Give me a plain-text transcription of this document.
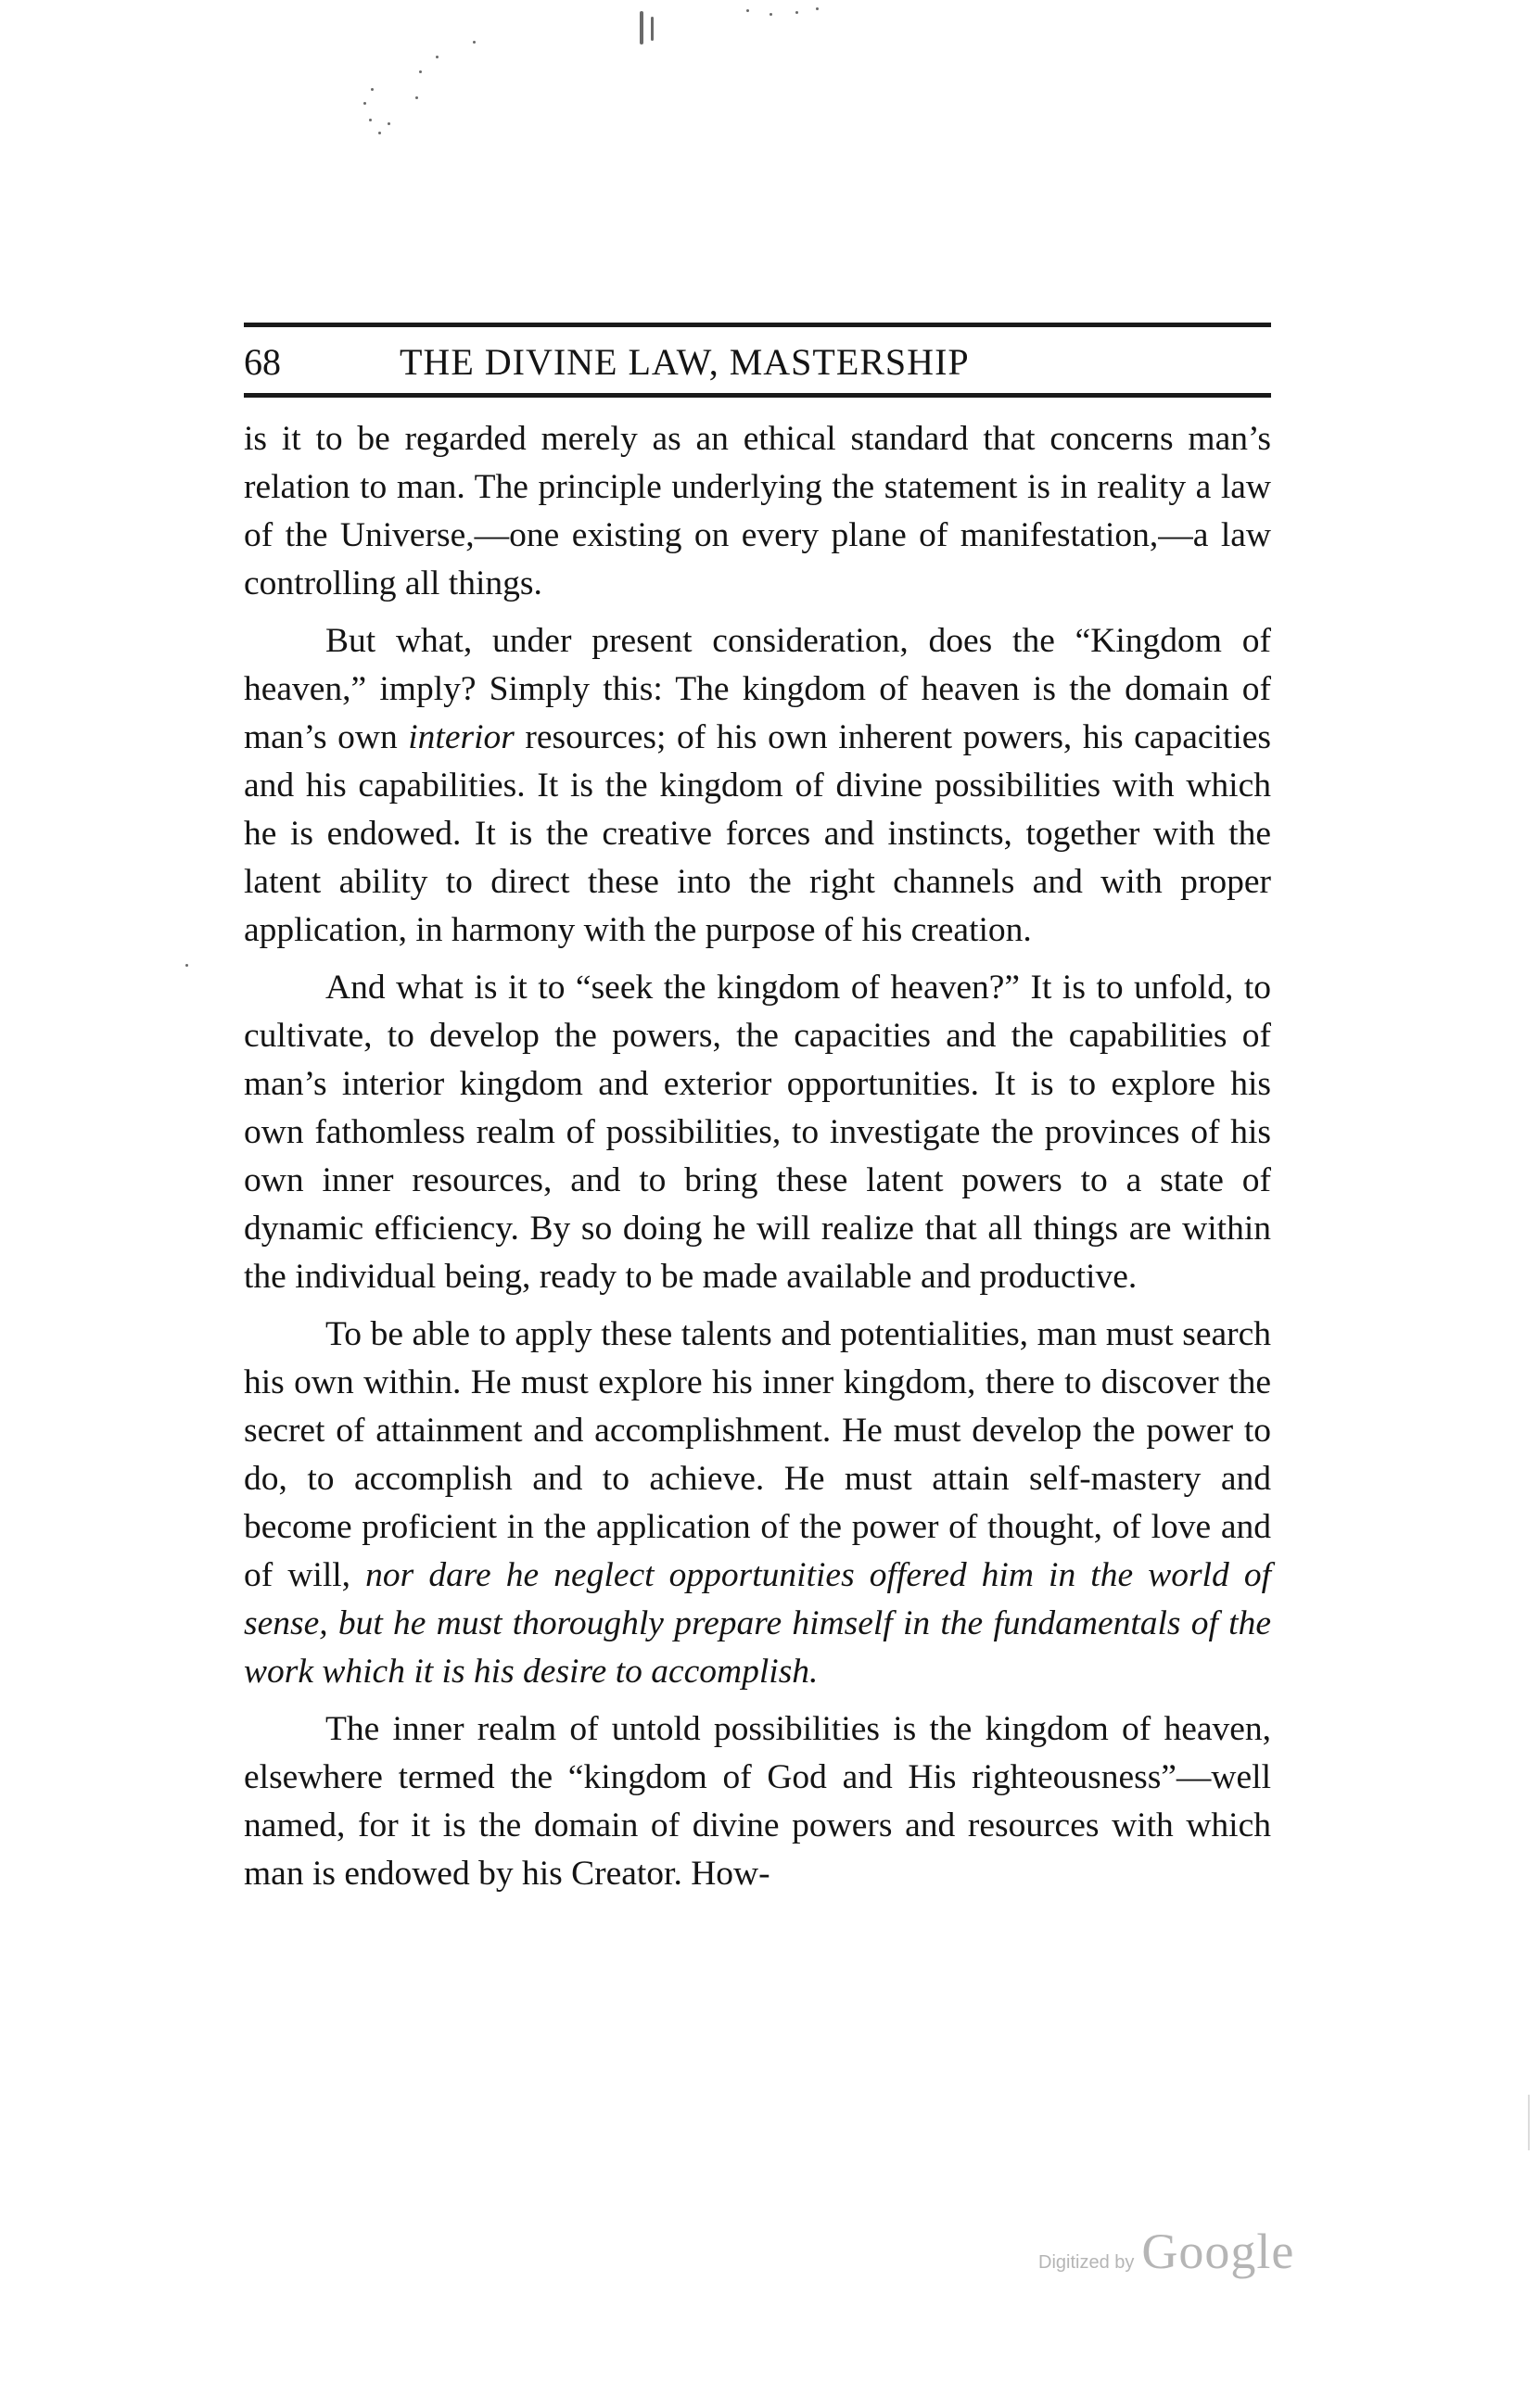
68	THE DIVINE LAW, MASTERSHIP

is it to be regarded merely as an ethical standard that concerns man’s relation to man. The principle underlying the statement is in reality a law of the Universe,—one existing on every plane of manifestation,—a law controlling all things.

But what, under present consideration, does the “Kingdom of heaven,” imply? Simply this: The kingdom of heaven is the domain of man’s own interior resources; of his own inherent powers, his capacities and his capabilities. It is the kingdom of divine possibilities with which he is endowed. It is the creative forces and instincts, together with the latent ability to direct these into the right channels and with proper application, in harmony with the purpose of his creation.

And what is it to “seek the kingdom of heaven?” It is to unfold, to cultivate, to develop the powers, the capacities and the capabilities of man’s interior kingdom and exterior opportunities. It is to explore his own fathomless realm of possibilities, to investigate the provinces of his own inner resources, and to bring these latent powers to a state of dynamic efficiency. By so doing he will realize that all things are within the individual being, ready to be made available and productive.

To be able to apply these talents and potentialities, man must search his own within. He must explore his inner kingdom, there to discover the secret of attainment and accomplishment. He must develop the power to do, to accomplish and to achieve. He must attain self-mastery and become proficient in the application of the power of thought, of love and of will, nor dare he neglect opportunities offered him in the world of sense, but he must thoroughly prepare himself in the fundamentals of the work which it is his desire to accomplish.

The inner realm of untold possibilities is the kingdom of heaven, elsewhere termed the “kingdom of God and His righteousness”—well named, for it is the domain of divine powers and resources with which man is endowed by his Creator. How-

Digitized by Google
